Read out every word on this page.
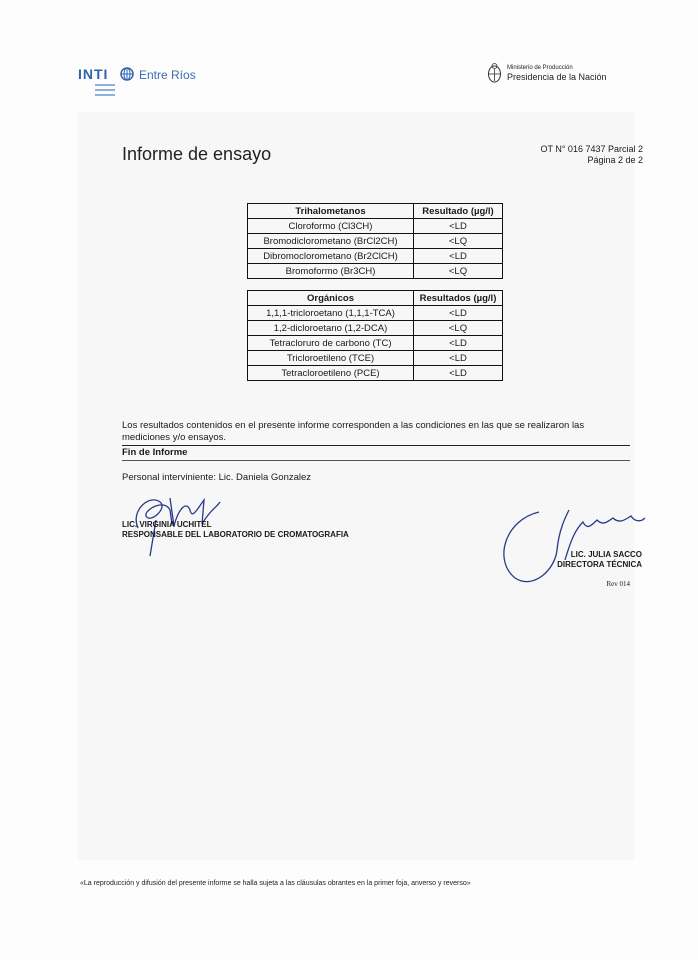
INTI	Entre Ríos	Ministerio de Producción
Presidencia de la Nación
Informe de ensayo	OT N° 016 7437 Parcial 2
Página 2 de 2
Trihalometanos	Resultado (µg/l)
Cloroformo (Cl3CH)	<LD
Bromodiclorometano (BrCl2CH)	<LQ
Dibromoclorometano (Br2ClCH)	<LD
Bromoformo (Br3CH)	<LQ
Orgánicos	Resultados (µg/l)
1,1,1-tricloroetano (1,1,1-TCA)	<LD
1,2-dicloroetano (1,2-DCA)	<LQ
Tetracloruro de carbono (TC)	<LD
Tricloroetileno (TCE)	<LD
Tetracloroetileno (PCE)	<LD
Los resultados contenidos en el presente informe corresponden a las condiciones en las que se realizaron las mediciones y/o ensayos.
Fin de Informe
Personal interviniente: Lic. Daniela Gonzalez
LIC. VIRGINIA UCHITEL
RESPONSABLE DEL LABORATORIO DE CROMATOGRAFIA
LIC. JULIA SACCO
DIRECTORA TÉCNICA
Rev 014
«La reproducción y difusión del presente informe se halla sujeta a las cláusulas obrantes en la primer foja, anverso y reverso»
